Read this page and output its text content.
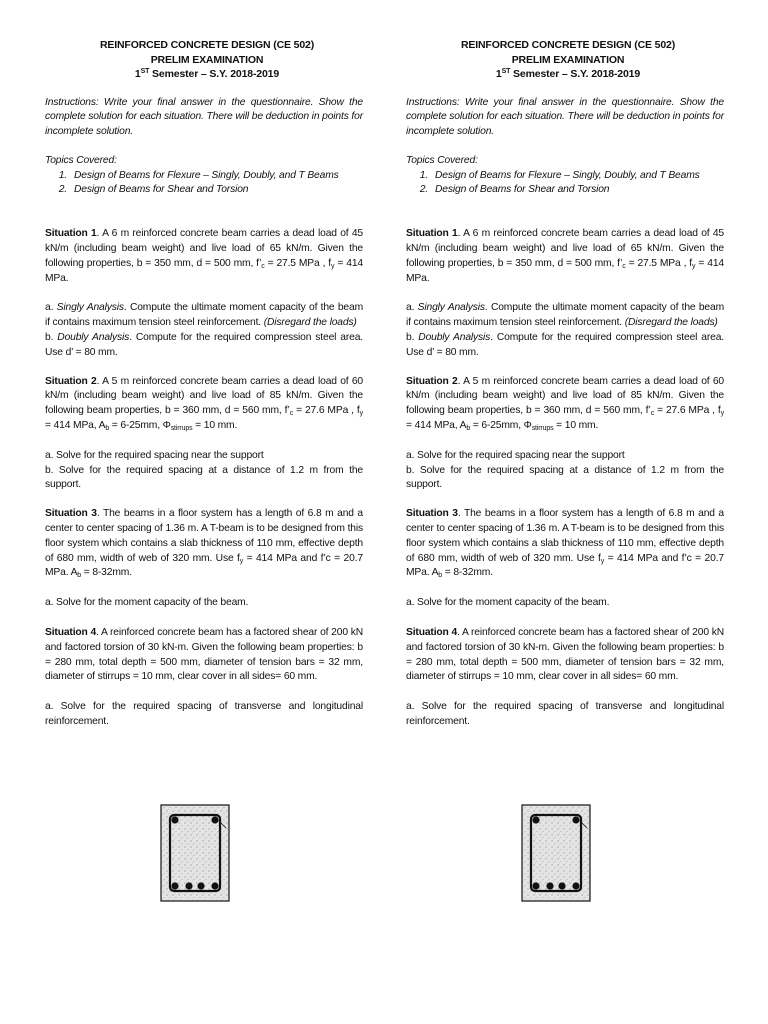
REINFORCED CONCRETE DESIGN (CE 502)
PRELIM EXAMINATION
1ST Semester – S.Y. 2018-2019
Instructions: Write your final answer in the questionnaire. Show the complete solution for each situation. There will be deduction in points for incomplete solution.
Topics Covered:
1. Design of Beams for Flexure – Singly, Doubly, and T Beams
2. Design of Beams for Shear and Torsion
Situation 1. A 6 m reinforced concrete beam carries a dead load of 45 kN/m (including beam weight) and live load of 65 kN/m. Given the following properties, b = 350 mm, d = 500 mm, $f’_c = 27.5$ MPa , $f_y = 414$ MPa.
a. Singly Analysis. Compute the ultimate moment capacity of the beam if contains maximum tension steel reinforcement. (Disregard the loads)
b. Doubly Analysis. Compute for the required compression steel area. Use d’ = 80 mm.
Situation 2. A 5 m reinforced concrete beam carries a dead load of 60 kN/m (including beam weight) and live load of 85 kN/m. Given the following beam properties, b = 360 mm, d = 560 mm, $f’_c = 27.6$ MPa , $f_y = 414$ MPa, $A_b = 6-25mm$, $\Phi_{stirrups} = 10$ mm.
a. Solve for the required spacing near the support
b. Solve for the required spacing at a distance of 1.2 m from the support.
Situation 3. The beams in a floor system has a length of 6.8 m and a center to center spacing of 1.36 m. A T-beam is to be designed from this floor system which contains a slab thickness of 110 mm, effective depth of 680 mm, width of web of 320 mm. Use $f_y = 414$ MPa and f’c = 20.7 MPa. $A_b = 8-32mm$.
a. Solve for the moment capacity of the beam.
Situation 4. A reinforced concrete beam has a factored shear of 200 kN and factored torsion of 30 kN-m. Given the following beam properties: b = 280 mm, total depth = 500 mm, diameter of tension bars = 32 mm, diameter of stirrups = 10 mm, clear cover in all sides= 60 mm.
a. Solve for the required spacing of transverse and longitudinal reinforcement.
REINFORCED CONCRETE DESIGN (CE 502)
PRELIM EXAMINATION
1ST Semester – S.Y. 2018-2019
Instructions: Write your final answer in the questionnaire. Show the complete solution for each situation. There will be deduction in points for incomplete solution.
Topics Covered:
1. Design of Beams for Flexure – Singly, Doubly, and T Beams
2. Design of Beams for Shear and Torsion
Situation 1. A 6 m reinforced concrete beam carries a dead load of 45 kN/m (including beam weight) and live load of 65 kN/m. Given the following properties, b = 350 mm, d = 500 mm, $f’_c = 27.5$ MPa , $f_y = 414$ MPa.
a. Singly Analysis. Compute the ultimate moment capacity of the beam if contains maximum tension steel reinforcement. (Disregard the loads)
b. Doubly Analysis. Compute for the required compression steel area. Use d’ = 80 mm.
Situation 2. A 5 m reinforced concrete beam carries a dead load of 60 kN/m (including beam weight) and live load of 85 kN/m. Given the following beam properties, b = 360 mm, d = 560 mm, $f’_c = 27.6$ MPa , $f_y = 414$ MPa, $A_b = 6-25mm$, $\Phi_{stirrups} = 10$ mm.
a. Solve for the required spacing near the support
b. Solve for the required spacing at a distance of 1.2 m from the support.
Situation 3. The beams in a floor system has a length of 6.8 m and a center to center spacing of 1.36 m. A T-beam is to be designed from this floor system which contains a slab thickness of 110 mm, effective depth of 680 mm, width of web of 320 mm. Use $f_y = 414$ MPa and f’c = 20.7 MPa. $A_b = 8-32mm$.
a. Solve for the moment capacity of the beam.
Situation 4. A reinforced concrete beam has a factored shear of 200 kN and factored torsion of 30 kN-m. Given the following beam properties: b = 280 mm, total depth = 500 mm, diameter of tension bars = 32 mm, diameter of stirrups = 10 mm, clear cover in all sides= 60 mm.
a. Solve for the required spacing of transverse and longitudinal reinforcement.
